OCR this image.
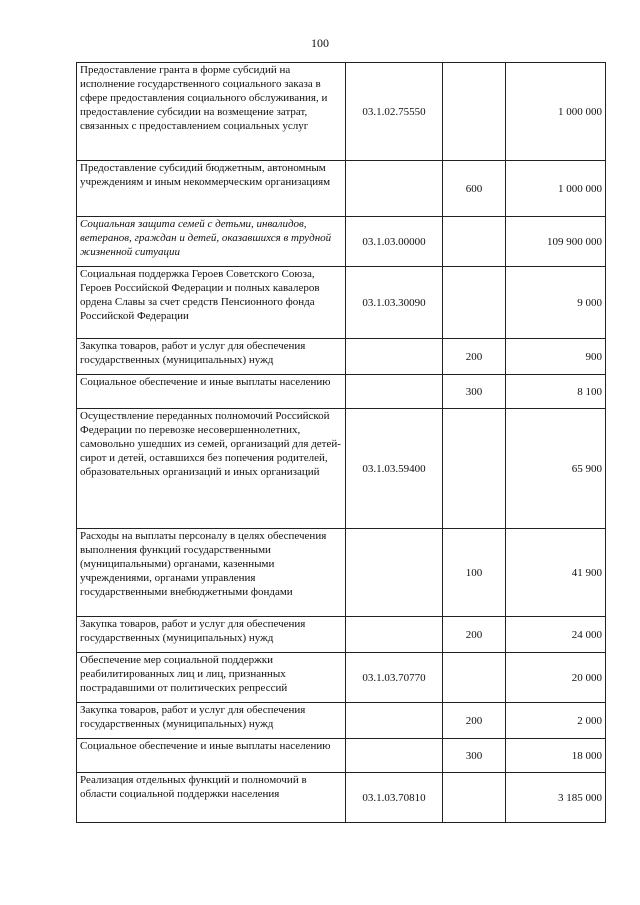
100
Предоставление гранта в форме субсидий на исполнение государственного социального заказа в сфере предоставления социального обслуживания, и предоставление субсидии на возмещение затрат, связанных с предоставлением социальных услуг	03.1.02.75550		1 000 000
Предоставление субсидий бюджетным, автономным учреждениям и иным некоммерческим организациям		600	1 000 000
Социальная защита семей с детьми, инвалидов, ветеранов, граждан и детей, оказавшихся в трудной жизненной ситуации	03.1.03.00000		109 900 000
Социальная поддержка Героев Советского Союза, Героев Российской Федерации и полных кавалеров ордена Славы за счет средств Пенсионного фонда Российской Федерации	03.1.03.30090		9 000
Закупка товаров, работ и услуг для обеспечения государственных (муниципальных) нужд		200	900
Социальное обеспечение и иные выплаты населению		300	8 100
Осуществление переданных полномочий Российской Федерации по перевозке несовершеннолетних, самовольно ушедших из семей, организаций для детей-сирот и детей, оставшихся без попечения родителей, образовательных организаций и иных организаций	03.1.03.59400		65 900
Расходы на выплаты персоналу в целях обеспечения выполнения функций государственными (муниципальными) органами, казенными учреждениями, органами управления государственными внебюджетными фондами		100	41 900
Закупка товаров, работ и услуг для обеспечения государственных (муниципальных) нужд		200	24 000
Обеспечение мер социальной поддержки реабилитированных лиц и лиц, признанных пострадавшими от политических репрессий	03.1.03.70770		20 000
Закупка товаров, работ и услуг для обеспечения государственных (муниципальных) нужд		200	2 000
Социальное обеспечение и иные выплаты населению		300	18 000
Реализация отдельных функций и полномочий в области социальной поддержки населения	03.1.03.70810		3 185 000
